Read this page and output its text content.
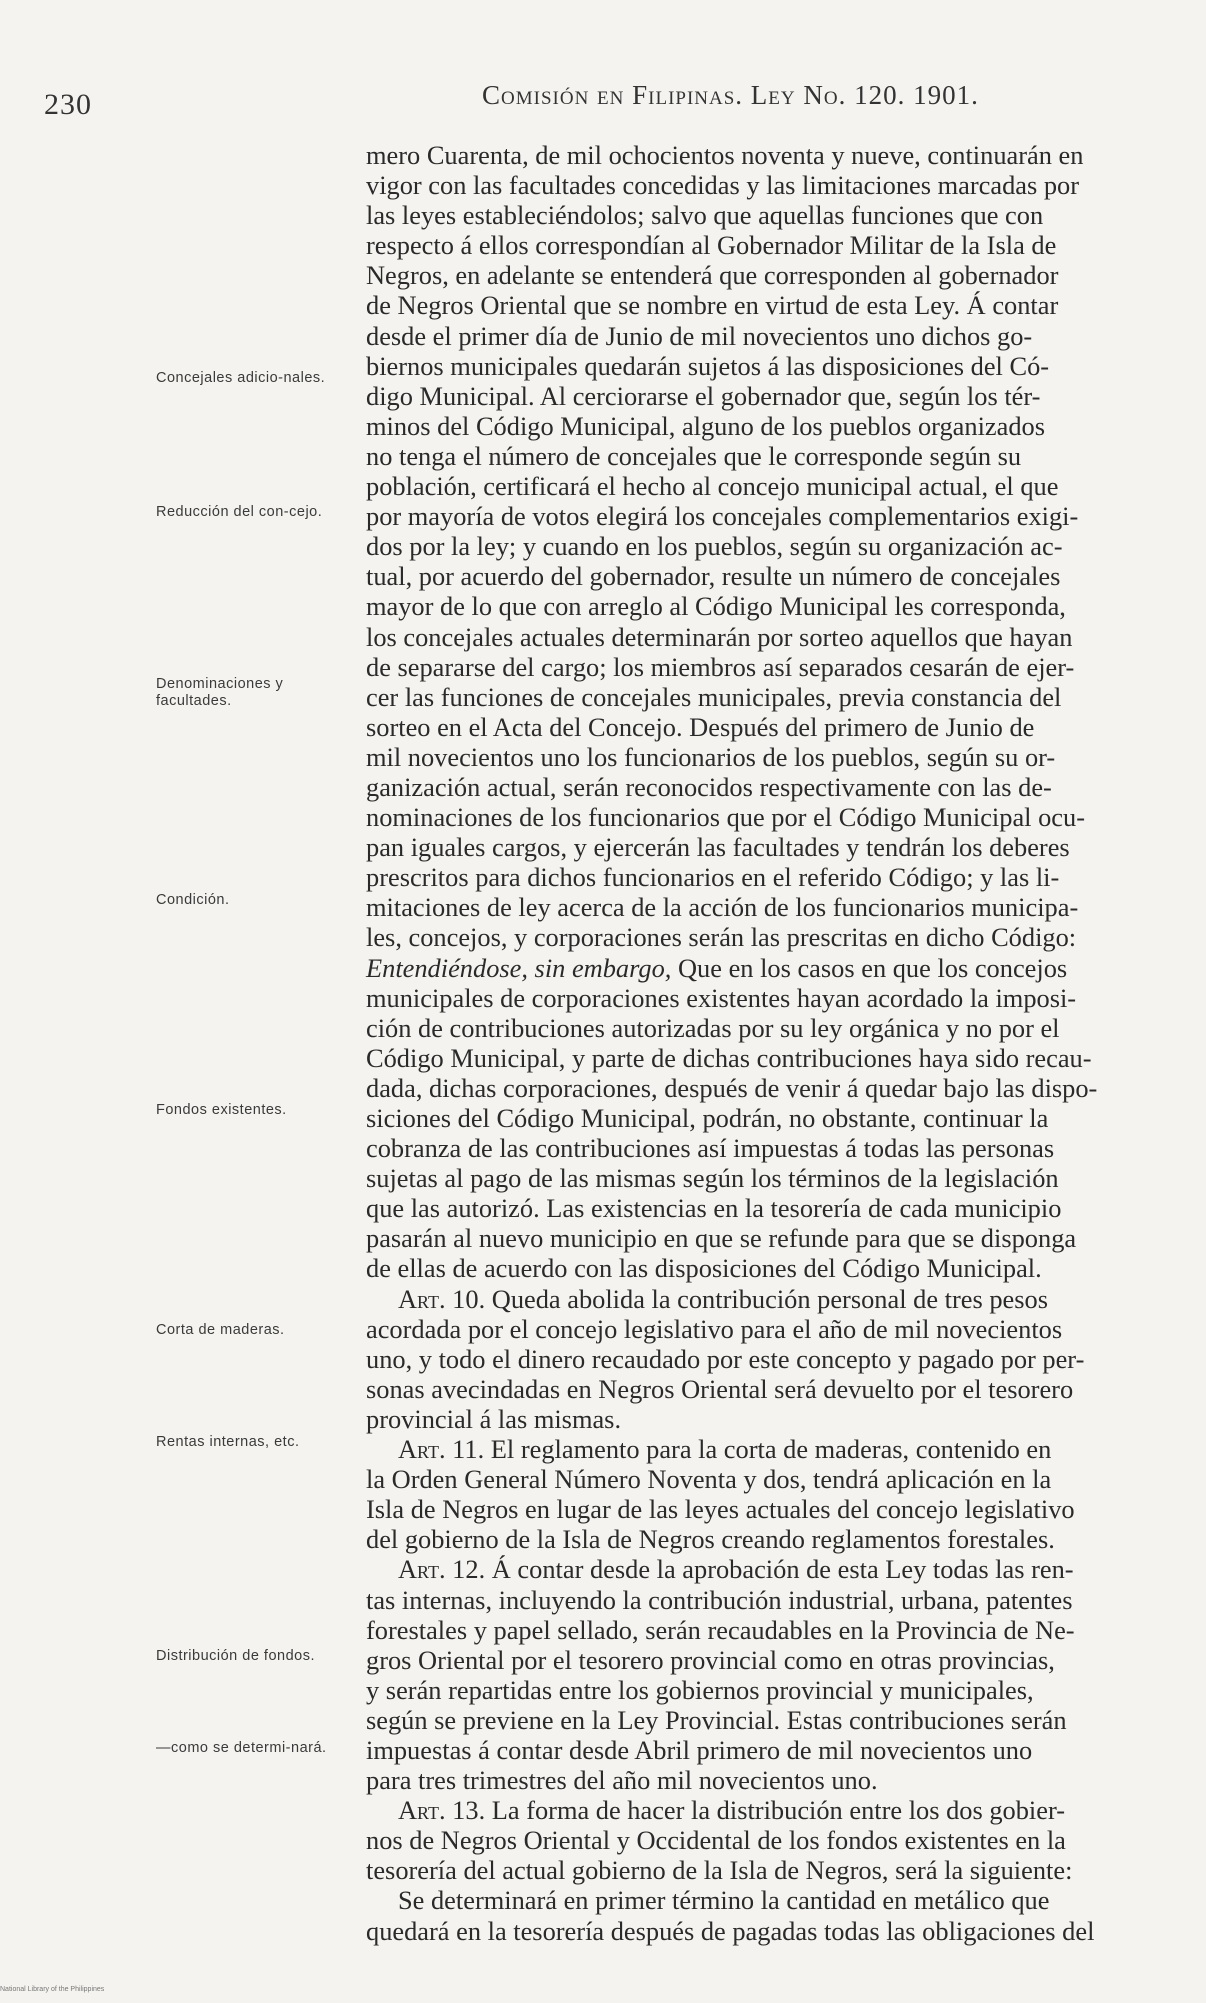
230	Comisión en Filipinas. Ley No. 120. 1901.
mero Cuarenta, de mil ochocientos noventa y nueve, continuarán en
vigor con las facultades concedidas y las limitaciones marcadas por
las leyes estableciéndolos; salvo que aquellas funciones que con
respecto á ellos correspondían al Gobernador Militar de la Isla de
Negros, en adelante se entenderá que corresponden al gobernador
de Negros Oriental que se nombre en virtud de esta Ley. Á contar
desde el primer día de Junio de mil novecientos uno dichos go-
biernos municipales quedarán sujetos á las disposiciones del Có-
digo Municipal. Al cerciorarse el gobernador que, según los tér-
minos del Código Municipal, alguno de los pueblos organizados
no tenga el número de concejales que le corresponde según su
población, certificará el hecho al concejo municipal actual, el que
por mayoría de votos elegirá los concejales complementarios exigi-
dos por la ley; y cuando en los pueblos, según su organización ac-
tual, por acuerdo del gobernador, resulte un número de concejales
mayor de lo que con arreglo al Código Municipal les corresponda,
los concejales actuales determinarán por sorteo aquellos que hayan
de separarse del cargo; los miembros así separados cesarán de ejer-
cer las funciones de concejales municipales, previa constancia del
sorteo en el Acta del Concejo. Después del primero de Junio de
mil novecientos uno los funcionarios de los pueblos, según su or-
ganización actual, serán reconocidos respectivamente con las de-
nominaciones de los funcionarios que por el Código Municipal ocu-
pan iguales cargos, y ejercerán las facultades y tendrán los deberes
prescritos para dichos funcionarios en el referido Código; y las li-
mitaciones de ley acerca de la acción de los funcionarios municipa-
les, concejos, y corporaciones serán las prescritas en dicho Código:
Entendiéndose, sin embargo, Que en los casos en que los concejos
municipales de corporaciones existentes hayan acordado la imposi-
ción de contribuciones autorizadas por su ley orgánica y no por el
Código Municipal, y parte de dichas contribuciones haya sido recau-
dada, dichas corporaciones, después de venir á quedar bajo las dispo-
siciones del Código Municipal, podrán, no obstante, continuar la
cobranza de las contribuciones así impuestas á todas las personas
sujetas al pago de las mismas según los términos de la legislación
que las autorizó. Las existencias en la tesorería de cada municipio
pasarán al nuevo municipio en que se refunde para que se disponga
de ellas de acuerdo con las disposiciones del Código Municipal.
Art. 10. Queda abolida la contribución personal de tres pesos
acordada por el concejo legislativo para el año de mil novecientos
uno, y todo el dinero recaudado por este concepto y pagado por per-
sonas avecindadas en Negros Oriental será devuelto por el tesorero
provincial á las mismas.
Art. 11. El reglamento para la corta de maderas, contenido en
la Orden General Número Noventa y dos, tendrá aplicación en la
Isla de Negros en lugar de las leyes actuales del concejo legislativo
del gobierno de la Isla de Negros creando reglamentos forestales.
Art. 12. Á contar desde la aprobación de esta Ley todas las ren-
tas internas, incluyendo la contribución industrial, urbana, patentes
forestales y papel sellado, serán recaudables en la Provincia de Ne-
gros Oriental por el tesorero provincial como en otras provincias,
y serán repartidas entre los gobiernos provincial y municipales,
según se previene en la Ley Provincial. Estas contribuciones serán
impuestas á contar desde Abril primero de mil novecientos uno
para tres trimestres del año mil novecientos uno.
Art. 13. La forma de hacer la distribución entre los dos gobier-
nos de Negros Oriental y Occidental de los fondos existentes en la
tesorería del actual gobierno de la Isla de Negros, será la siguiente:
Se determinará en primer término la cantidad en metálico que
quedará en la tesorería después de pagadas todas las obligaciones del
Concejales adicio-nales.
Reducción del con-cejo.
Denominaciones y facultades.
Condición.
Fondos existentes.
Corta de maderas.
Rentas internas, etc.
Distribución de fondos.
—como se determi-nará.
National Library of the Philippines
